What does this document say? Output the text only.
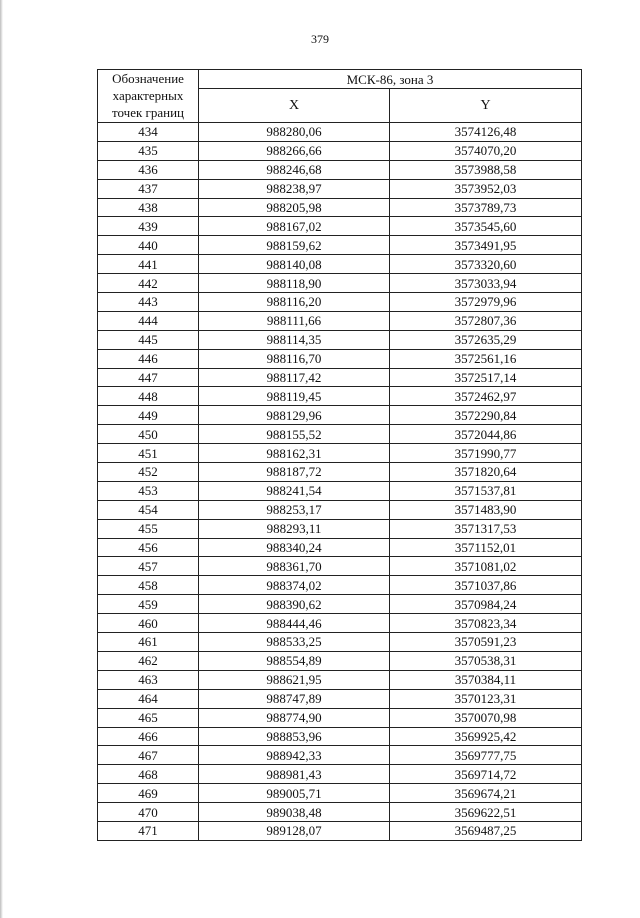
379
Обозначение характерных точек границ	МСК-86, зона 3	
	X	Y
434	988280,06	3574126,48
435	988266,66	3574070,20
436	988246,68	3573988,58
437	988238,97	3573952,03
438	988205,98	3573789,73
439	988167,02	3573545,60
440	988159,62	3573491,95
441	988140,08	3573320,60
442	988118,90	3573033,94
443	988116,20	3572979,96
444	988111,66	3572807,36
445	988114,35	3572635,29
446	988116,70	3572561,16
447	988117,42	3572517,14
448	988119,45	3572462,97
449	988129,96	3572290,84
450	988155,52	3572044,86
451	988162,31	3571990,77
452	988187,72	3571820,64
453	988241,54	3571537,81
454	988253,17	3571483,90
455	988293,11	3571317,53
456	988340,24	3571152,01
457	988361,70	3571081,02
458	988374,02	3571037,86
459	988390,62	3570984,24
460	988444,46	3570823,34
461	988533,25	3570591,23
462	988554,89	3570538,31
463	988621,95	3570384,11
464	988747,89	3570123,31
465	988774,90	3570070,98
466	988853,96	3569925,42
467	988942,33	3569777,75
468	988981,43	3569714,72
469	989005,71	3569674,21
470	989038,48	3569622,51
471	989128,07	3569487,25
